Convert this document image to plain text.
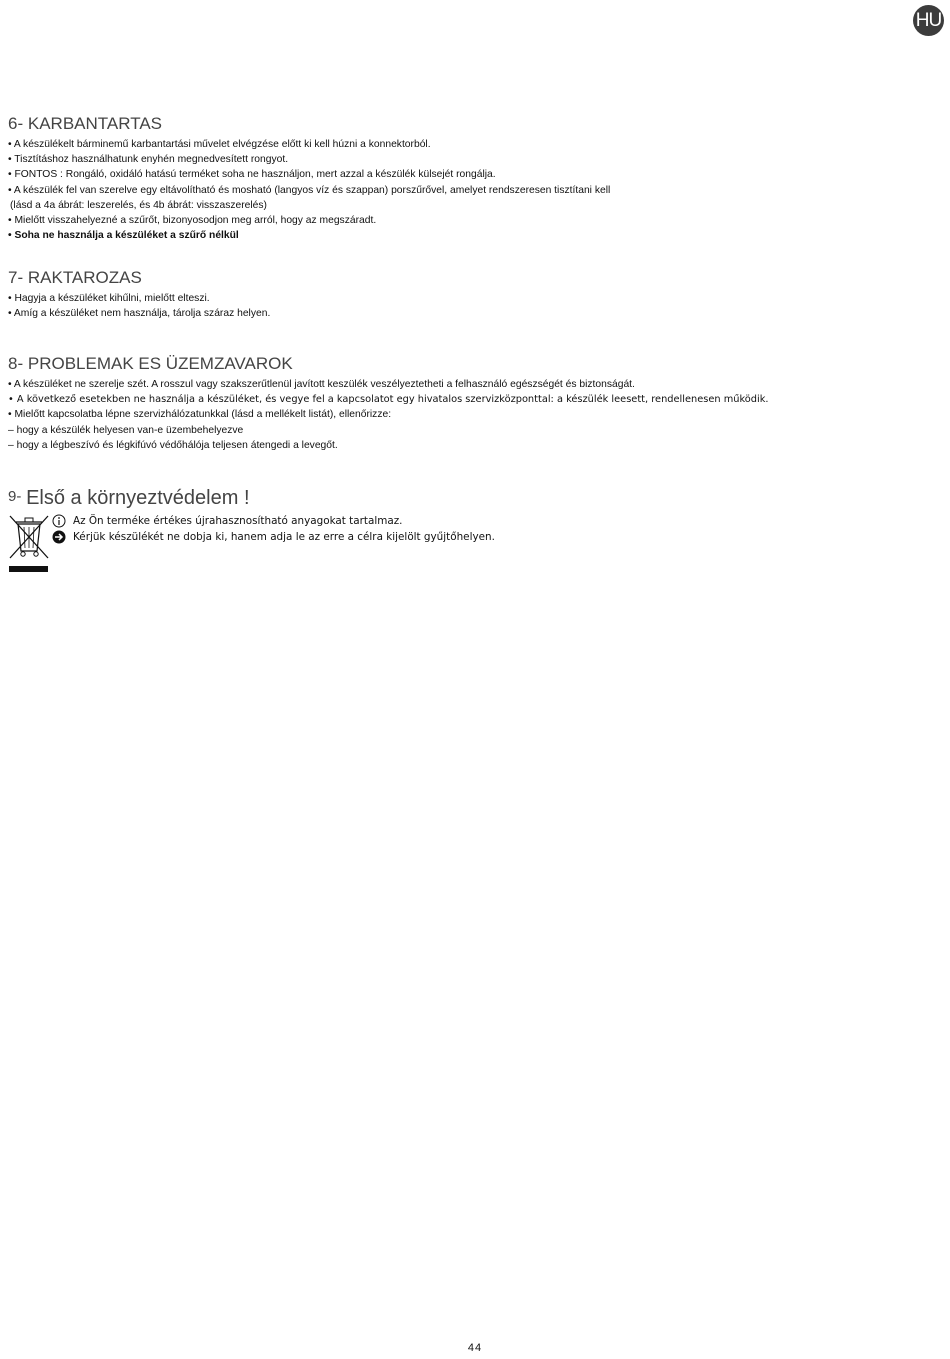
HU
6- KARBANTARTAS
• A készülékelt bárminemű karbantartási művelet elvégzése előtt ki kell húzni a konnektorból.
• Tisztításhoz használhatunk enyhén megnedvesített rongyot.
• FONTOS : Rongáló, oxidáló hatású terméket soha ne használjon, mert azzal a készülék külsejét rongálja.
• A készülék fel van szerelve egy eltávolítható és mosható (langyos víz és szappan) porszűrővel, amelyet rendszeresen tisztítani kell
(lásd a 4a ábrát: leszerelés, és 4b ábrát: visszaszerelés)
• Mielőtt visszahelyezné a szűrőt, bizonyosodjon meg arról, hogy az megszáradt.
• Soha ne használja a készüléket a szűrő nélkül
7- RAKTAROZAS
• Hagyja a készüléket kihűlni, mielőtt elteszi.
• Amíg a készüléket nem használja, tárolja száraz helyen.
8- PROBLEMAK ES ÜZEMZAVAROK
• A készüléket ne szerelje szét. A rosszul vagy szakszerűtlenül javított keszülék veszélyeztetheti a felhasználó egészségét és biztonságát.
• A következő esetekben ne használja a készüléket, és vegye fel a kapcsolatot egy hivatalos szervizközponttal: a készülék leesett, rendellenesen működik.
• Mielőtt kapcsolatba lépne szervizhálózatunkkal (lásd a mellékelt listát), ellenőrizze:
– hogy a készülék helyesen van-e üzembehelyezve
– hogy a légbeszívó és légkifúvó védőhálója teljesen átengedi a levegőt.
9- Első a környeztvédelem !
Az Ön terméke értékes újrahasznosítható anyagokat tartalmaz.
Kérjük készülékét ne dobja ki, hanem adja le az erre a célra kijelölt gyűjtőhelyen.
44
